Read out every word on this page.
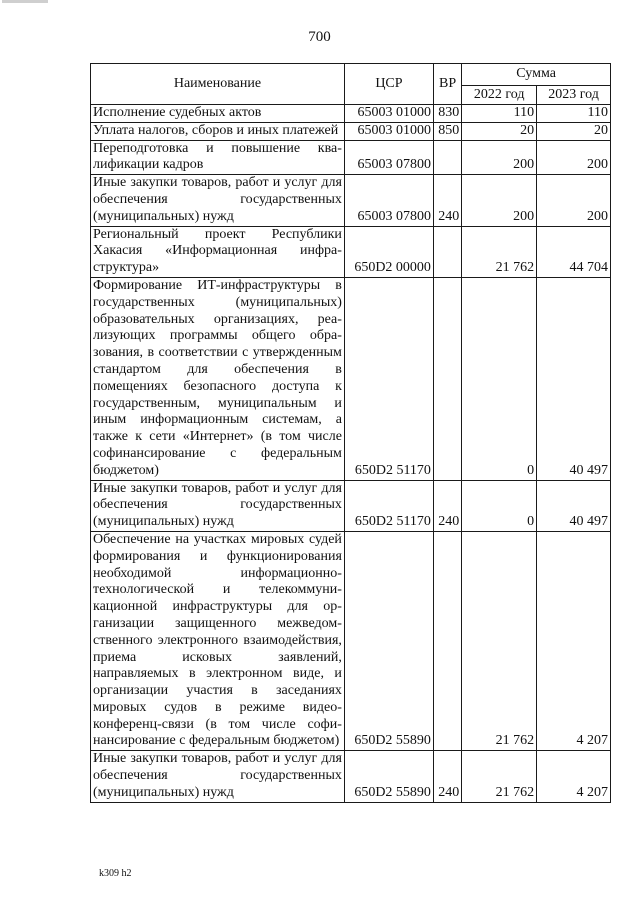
700
Наименование	ЦСР	ВР	Сумма	
			2022 год	2023 год
Исполнение судебных актов	65003 01000	830	110	110
Уплата налогов, сборов и иных платежей	65003 01000	850	20	20
Переподготовка и повышение квалификации кадров	65003 07800		200	200
Иные закупки товаров, работ и услуг для обеспечения государственных (муниципальных) нужд	65003 07800	240	200	200
Региональный проект Республики Хакасия «Информационная инфраструктура»	650D2 00000		21 762	44 704
Формирование ИТ-инфраструктуры в государственных (муниципальных) образовательных организациях, реализующих программы общего образования, в соответствии с утвержденным стандартом для обеспечения в помещениях безопасного доступа к государственным, муниципальным и иным информационным системам, а также к сети «Интернет» (в том числе софинансирование с федеральным бюджетом)	650D2 51170		0	40 497
Иные закупки товаров, работ и услуг для обеспечения государственных (муниципальных) нужд	650D2 51170	240	0	40 497
Обеспечение на участках мировых судей формирования и функционирования необходимой информационно-технологической и телекоммуникационной инфраструктуры для организации защищенного межведомственного электронного взаимодействия, приема исковых заявлений, направляемых в электронном виде, и организации участия в заседаниях мировых судов в режиме видеоконференц-связи (в том числе софинансирование с федеральным бюджетом)	650D2 55890		21 762	4 207
Иные закупки товаров, работ и услуг для обеспечения государственных (муниципальных) нужд	650D2 55890	240	21 762	4 207
k309 h2
